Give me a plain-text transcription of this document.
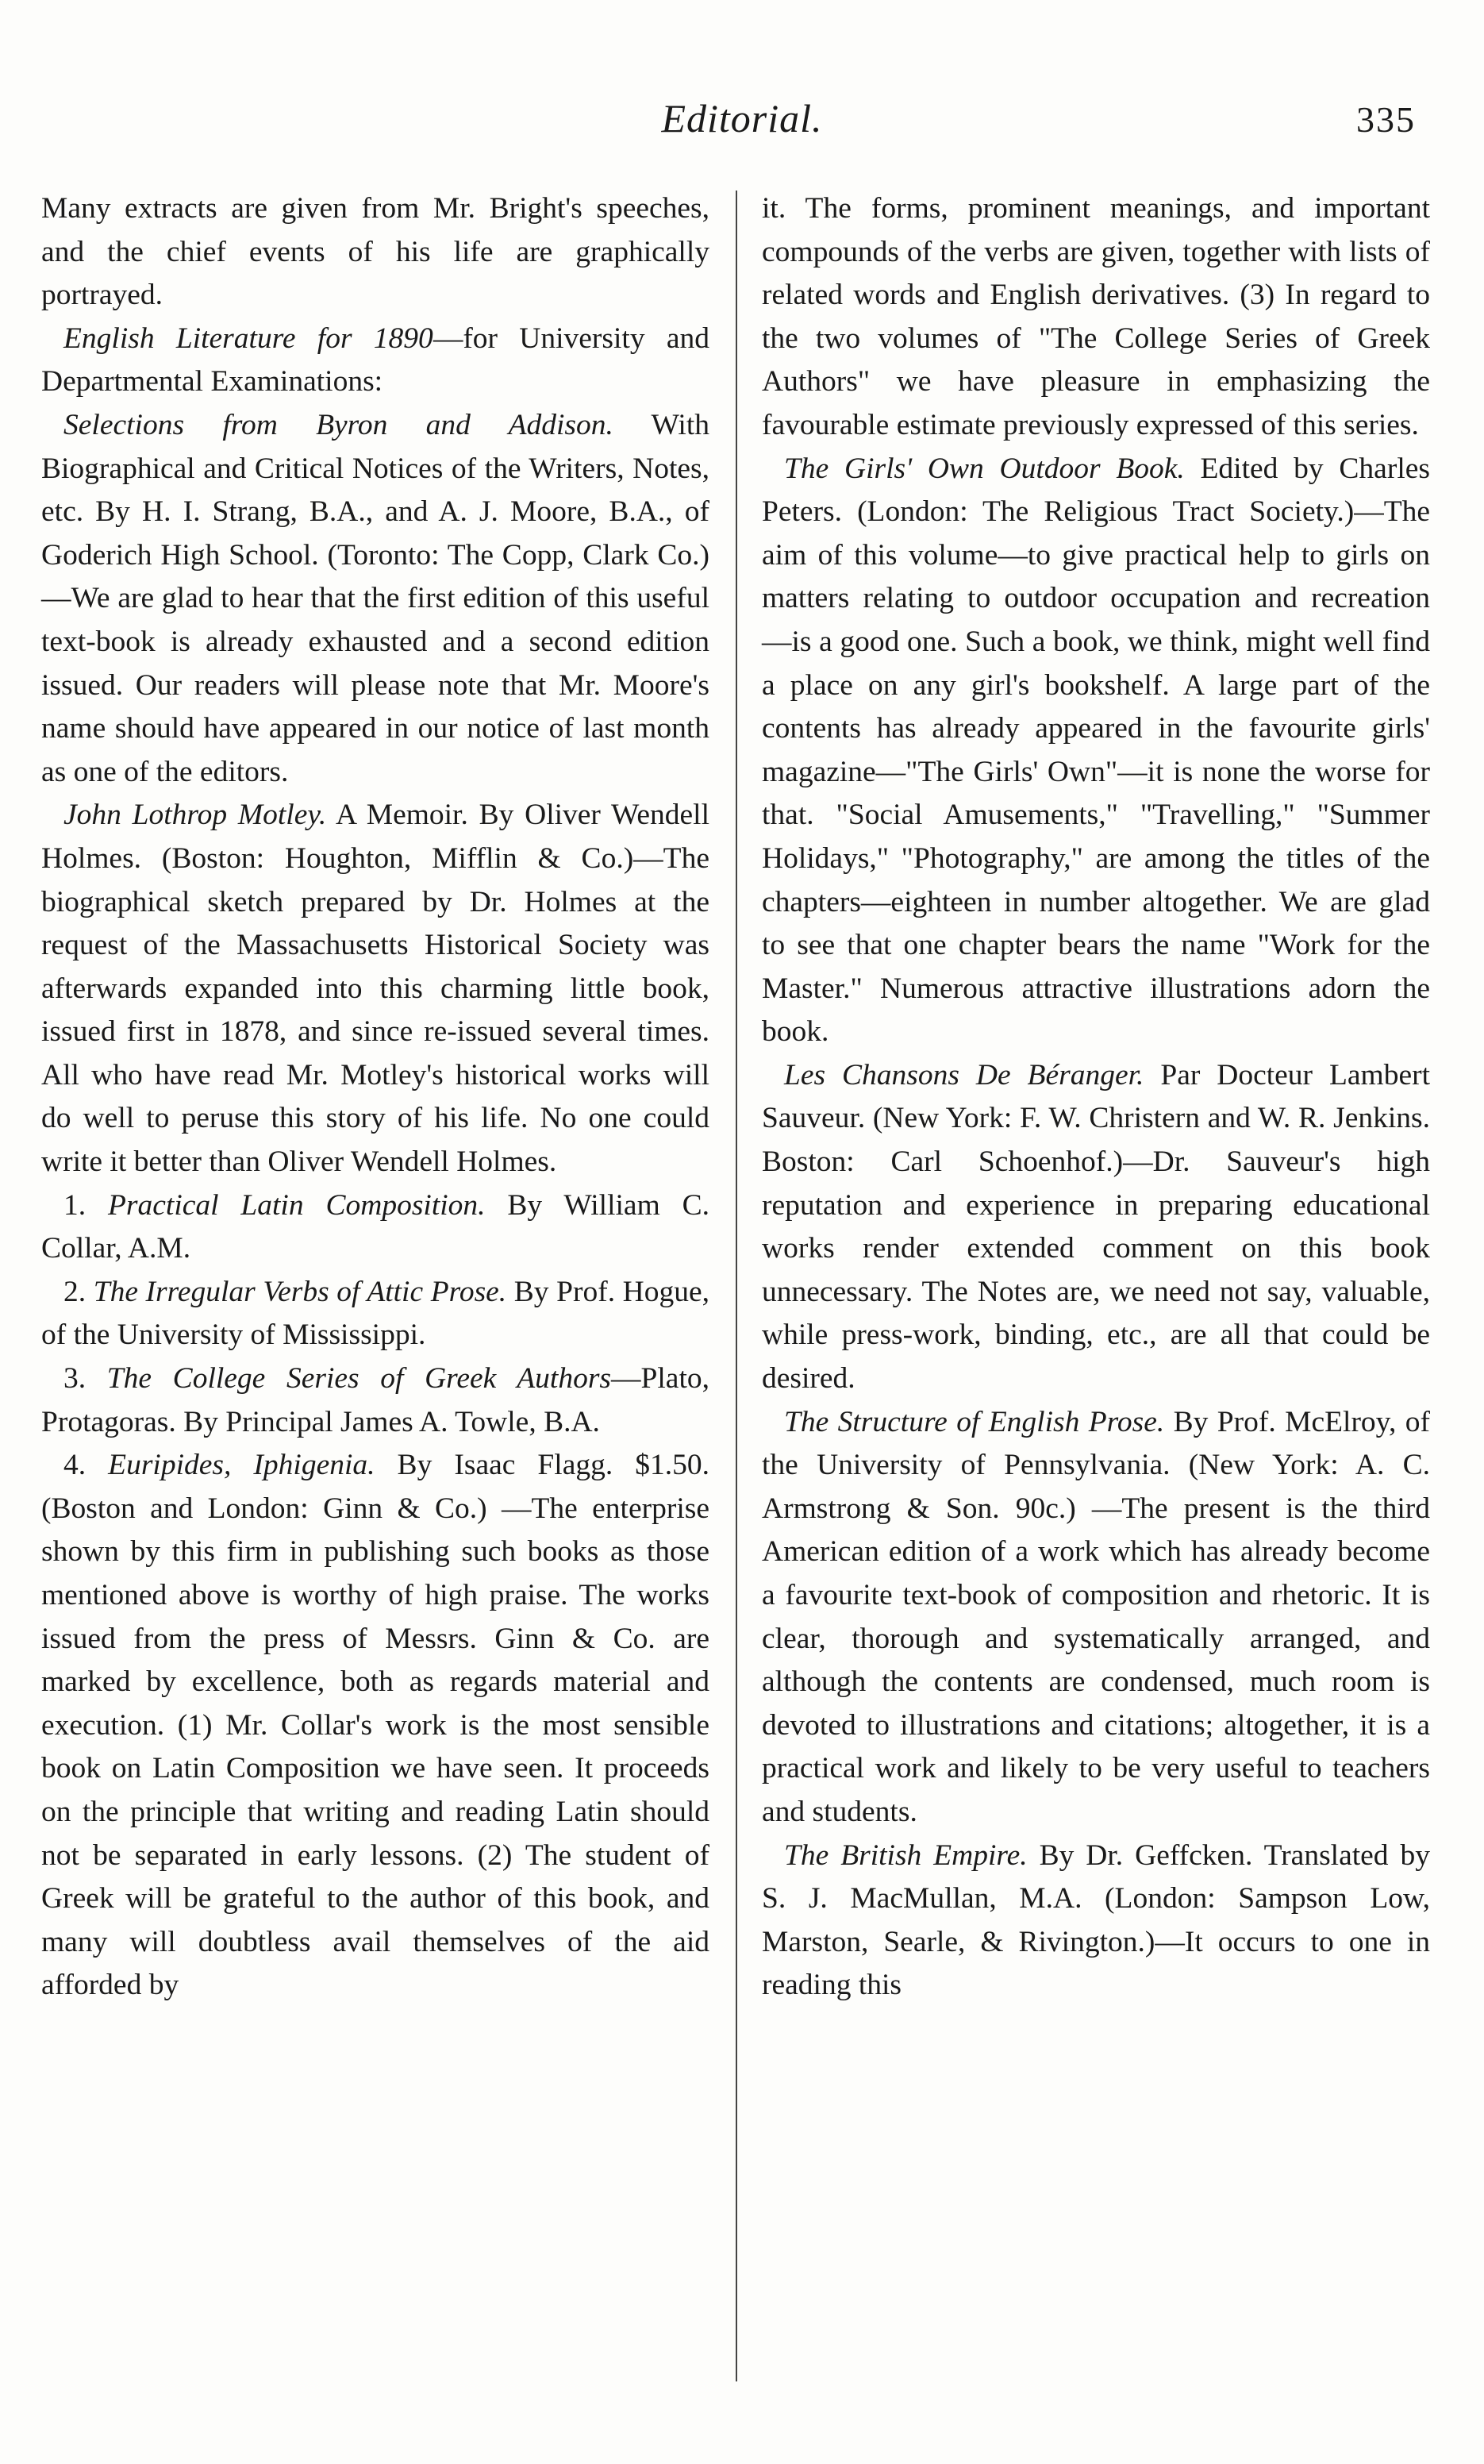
Editorial.	335

Many extracts are given from Mr. Bright's speeches, and the chief events of his life are graphically portrayed.

English Literature for 1890—for University and Departmental Examinations:

Selections from Byron and Addison. With Biographical and Critical Notices of the Writers, Notes, etc. By H. I. Strang, B.A., and A. J. Moore, B.A., of Goderich High School. (Toronto: The Copp, Clark Co.) —We are glad to hear that the first edition of this useful text-book is already exhausted and a second edition issued. Our readers will please note that Mr. Moore's name should have appeared in our notice of last month as one of the editors.

John Lothrop Motley. A Memoir. By Oliver Wendell Holmes. (Boston: Houghton, Mifflin & Co.)—The biographical sketch prepared by Dr. Holmes at the request of the Massachusetts Historical Society was afterwards expanded into this charming little book, issued first in 1878, and since re-issued several times. All who have read Mr. Motley's historical works will do well to peruse this story of his life. No one could write it better than Oliver Wendell Holmes.

1. Practical Latin Composition. By William C. Collar, A.M.

2. The Irregular Verbs of Attic Prose. By Prof. Hogue, of the University of Mississippi.

3. The College Series of Greek Authors—Plato, Protagoras. By Principal James A. Towle, B.A.

4. Euripides, Iphigenia. By Isaac Flagg. $1.50. (Boston and London: Ginn & Co.) —The enterprise shown by this firm in publishing such books as those mentioned above is worthy of high praise. The works issued from the press of Messrs. Ginn & Co. are marked by excellence, both as regards material and execution. (1) Mr. Collar's work is the most sensible book on Latin Composition we have seen. It proceeds on the principle that writing and reading Latin should not be separated in early lessons. (2) The student of Greek will be grateful to the author of this book, and many will doubtless avail themselves of the aid afforded by

it. The forms, prominent meanings, and important compounds of the verbs are given, together with lists of related words and English derivatives. (3) In regard to the two volumes of "The College Series of Greek Authors" we have pleasure in emphasizing the favourable estimate previously expressed of this series.

The Girls' Own Outdoor Book. Edited by Charles Peters. (London: The Religious Tract Society.)—The aim of this volume—to give practical help to girls on matters relating to outdoor occupation and recreation —is a good one. Such a book, we think, might well find a place on any girl's bookshelf. A large part of the contents has already appeared in the favourite girls' magazine—"The Girls' Own"—it is none the worse for that. "Social Amusements," "Travelling," "Summer Holidays," "Photography," are among the titles of the chapters—eighteen in number altogether. We are glad to see that one chapter bears the name "Work for the Master." Numerous attractive illustrations adorn the book.

Les Chansons De Béranger. Par Docteur Lambert Sauveur. (New York: F. W. Christern and W. R. Jenkins. Boston: Carl Schoenhof.)—Dr. Sauveur's high reputation and experience in preparing educational works render extended comment on this book unnecessary. The Notes are, we need not say, valuable, while press-work, binding, etc., are all that could be desired.

The Structure of English Prose. By Prof. McElroy, of the University of Pennsylvania. (New York: A. C. Armstrong & Son. 90c.) —The present is the third American edition of a work which has already become a favourite text-book of composition and rhetoric. It is clear, thorough and systematically arranged, and although the contents are condensed, much room is devoted to illustrations and citations; altogether, it is a practical work and likely to be very useful to teachers and students.

The British Empire. By Dr. Geffcken. Translated by S. J. MacMullan, M.A. (London: Sampson Low, Marston, Searle, & Rivington.)—It occurs to one in reading this
